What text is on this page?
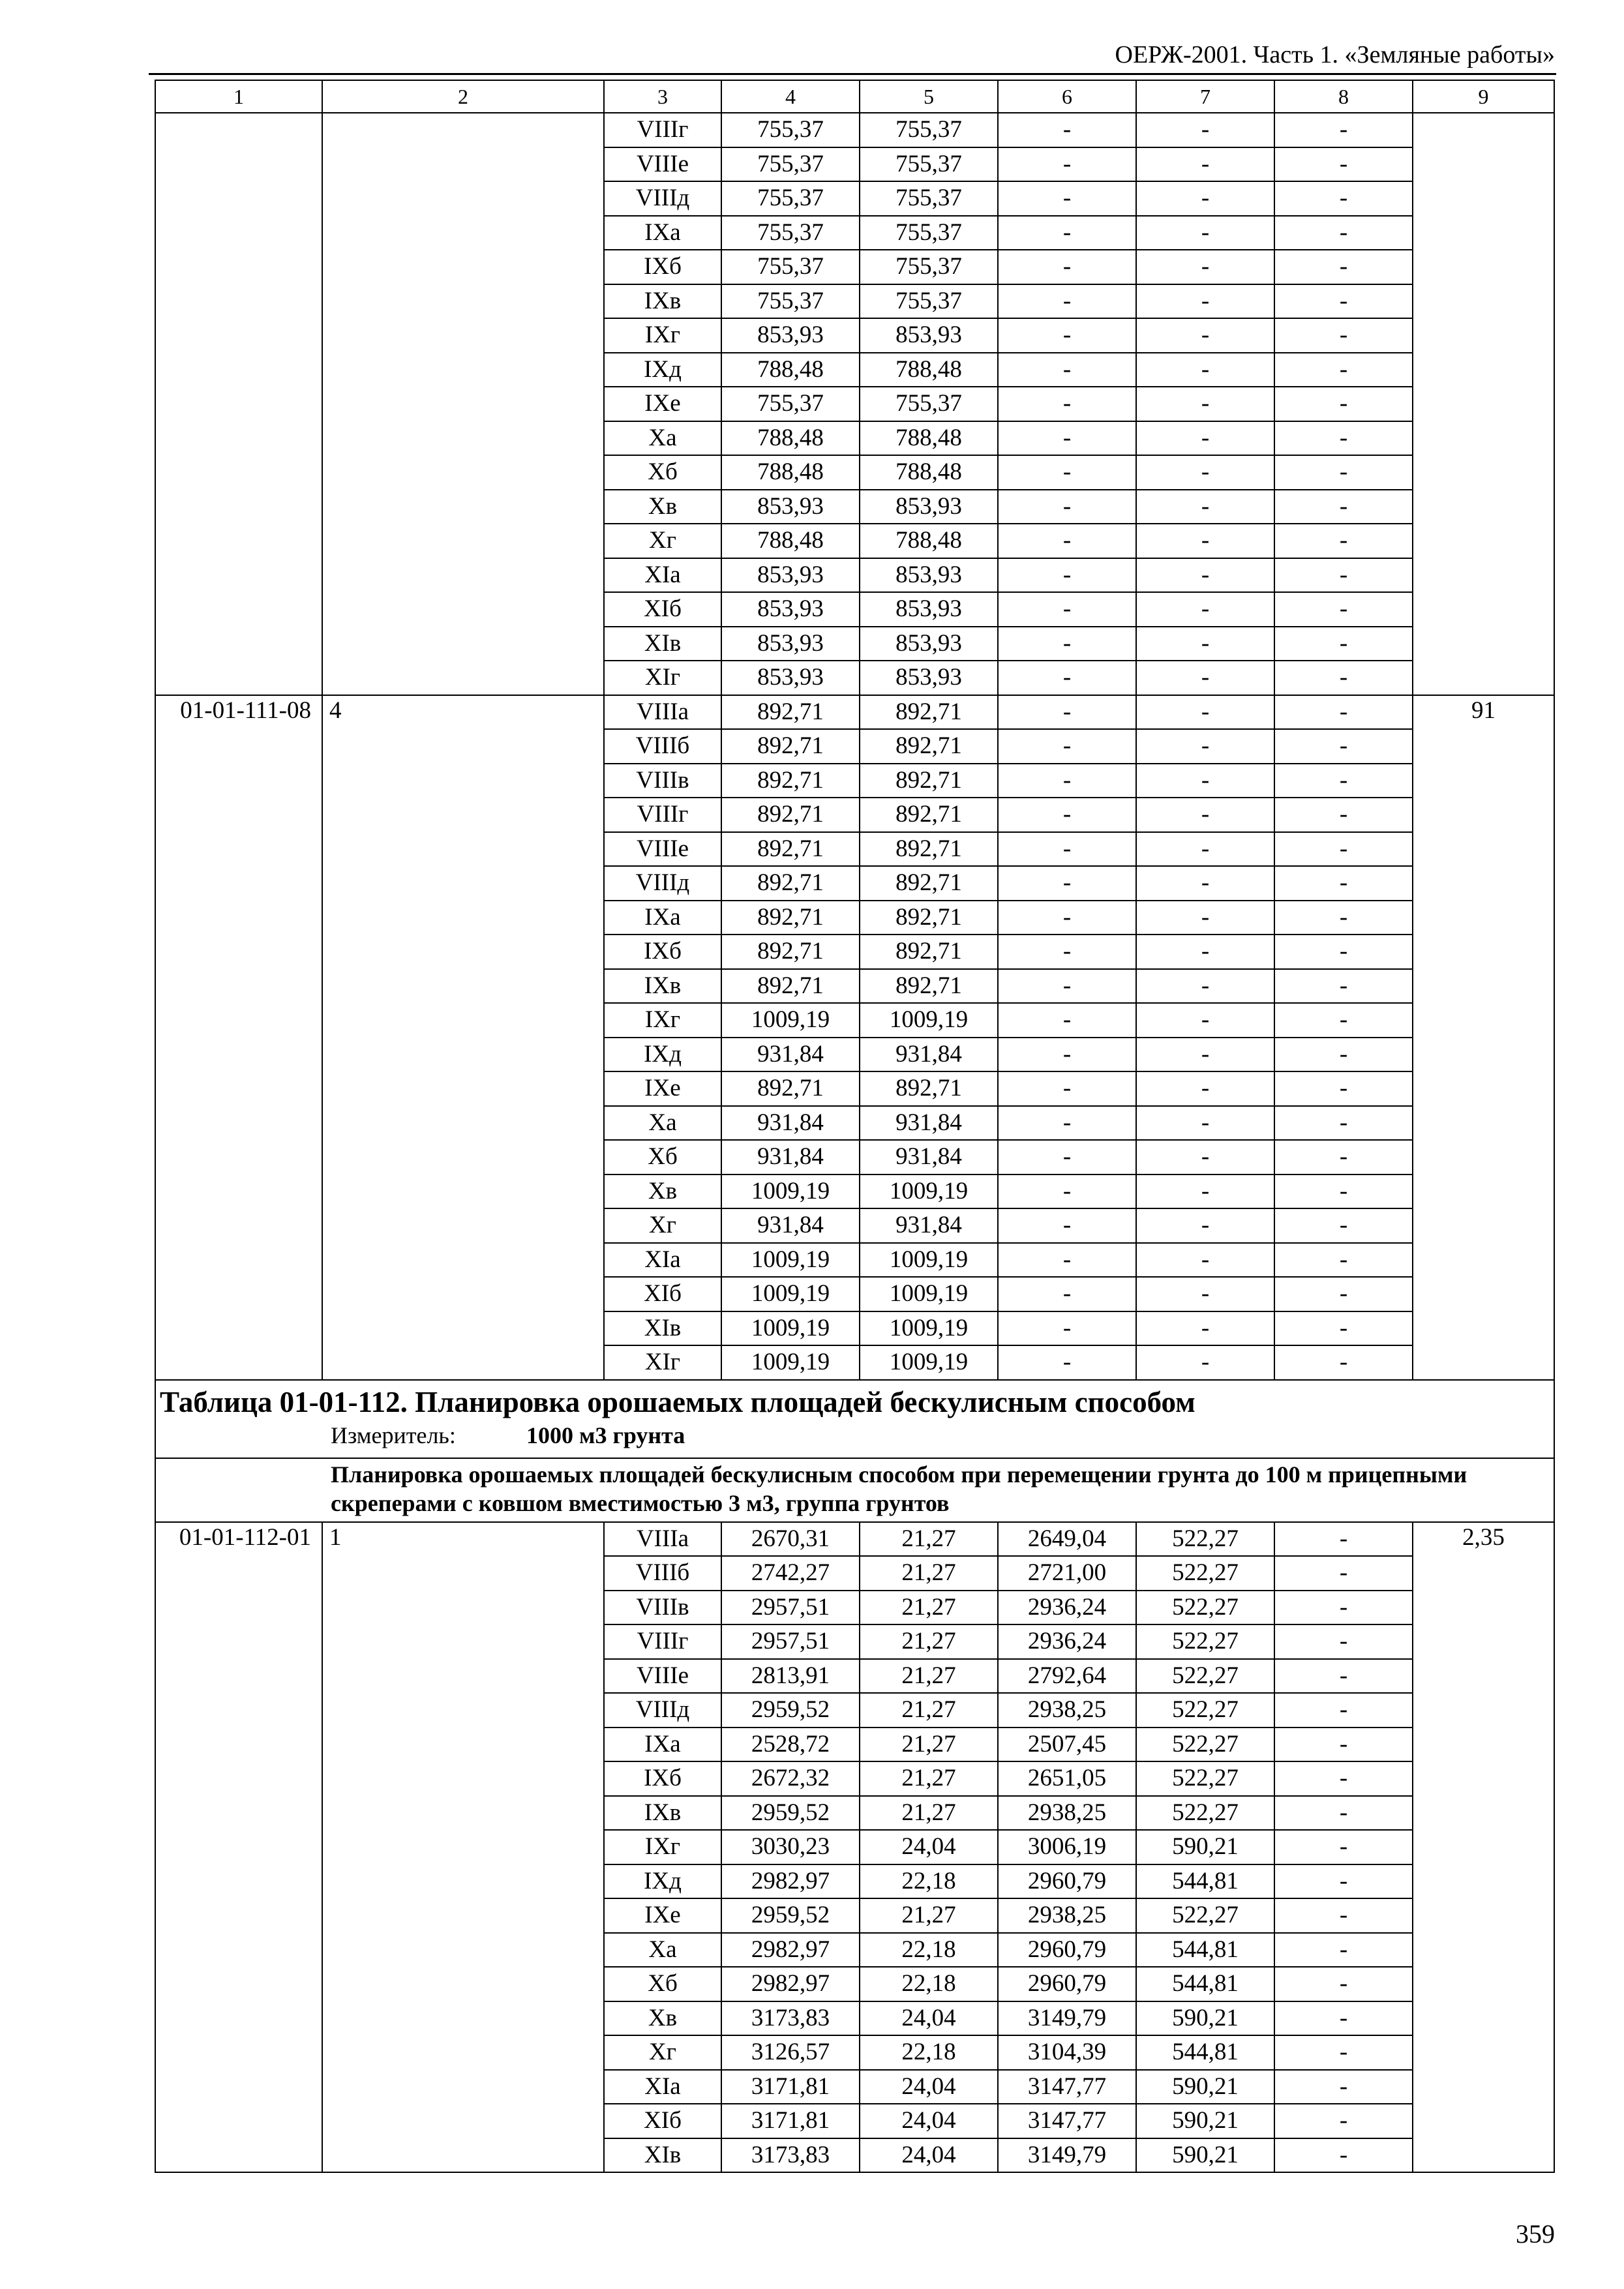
ОЕРЖ-2001. Часть 1. «Земляные работы»
1	2	3	4	5	6	7	8	9
		VIIIг	755,37	755,37	-	-	-	
		VIIIе	755,37	755,37	-	-	-	
		VIIIд	755,37	755,37	-	-	-	
		IXа	755,37	755,37	-	-	-	
		IXб	755,37	755,37	-	-	-	
		IXв	755,37	755,37	-	-	-	
		IXг	853,93	853,93	-	-	-	
		IXд	788,48	788,48	-	-	-	
		IXе	755,37	755,37	-	-	-	
		Xа	788,48	788,48	-	-	-	
		Xб	788,48	788,48	-	-	-	
		Xв	853,93	853,93	-	-	-	
		Xг	788,48	788,48	-	-	-	
		XIа	853,93	853,93	-	-	-	
		XIб	853,93	853,93	-	-	-	
		XIв	853,93	853,93	-	-	-	
		XIг	853,93	853,93	-	-	-	
01-01-111-08	4	VIIIа	892,71	892,71	-	-	-	91
		VIIIб	892,71	892,71	-	-	-	
		VIIIв	892,71	892,71	-	-	-	
		VIIIг	892,71	892,71	-	-	-	
		VIIIе	892,71	892,71	-	-	-	
		VIIIд	892,71	892,71	-	-	-	
		IXа	892,71	892,71	-	-	-	
		IXб	892,71	892,71	-	-	-	
		IXв	892,71	892,71	-	-	-	
		IXг	1009,19	1009,19	-	-	-	
		IXд	931,84	931,84	-	-	-	
		IXе	892,71	892,71	-	-	-	
		Xа	931,84	931,84	-	-	-	
		Xб	931,84	931,84	-	-	-	
		Xв	1009,19	1009,19	-	-	-	
		Xг	931,84	931,84	-	-	-	
		XIа	1009,19	1009,19	-	-	-	
		XIб	1009,19	1009,19	-	-	-	
		XIв	1009,19	1009,19	-	-	-	
		XIг	1009,19	1009,19	-	-	-	

Таблица 01-01-112. Планировка орошаемых площадей бескулисным способом
Измеритель: 1000 м3 грунта								

Планировка орошаемых площадей бескулисным способом при перемещении грунта до 100 м прицепными скреперами с ковшом вместимостью 3 м3, группа грунтов								
01-01-112-01	1	VIIIа	2670,31	21,27	2649,04	522,27	-	2,35
		VIIIб	2742,27	21,27	2721,00	522,27	-	
		VIIIв	2957,51	21,27	2936,24	522,27	-	
		VIIIг	2957,51	21,27	2936,24	522,27	-	
		VIIIе	2813,91	21,27	2792,64	522,27	-	
		VIIIд	2959,52	21,27	2938,25	522,27	-	
		IXа	2528,72	21,27	2507,45	522,27	-	
		IXб	2672,32	21,27	2651,05	522,27	-	
		IXв	2959,52	21,27	2938,25	522,27	-	
		IXг	3030,23	24,04	3006,19	590,21	-	
		IXд	2982,97	22,18	2960,79	544,81	-	
		IXе	2959,52	21,27	2938,25	522,27	-	
		Xа	2982,97	22,18	2960,79	544,81	-	
		Xб	2982,97	22,18	2960,79	544,81	-	
		Xв	3173,83	24,04	3149,79	590,21	-	
		Xг	3126,57	22,18	3104,39	544,81	-	
		XIа	3171,81	24,04	3147,77	590,21	-	
		XIб	3171,81	24,04	3147,77	590,21	-	
		XIв	3173,83	24,04	3149,79	590,21	-	
359
